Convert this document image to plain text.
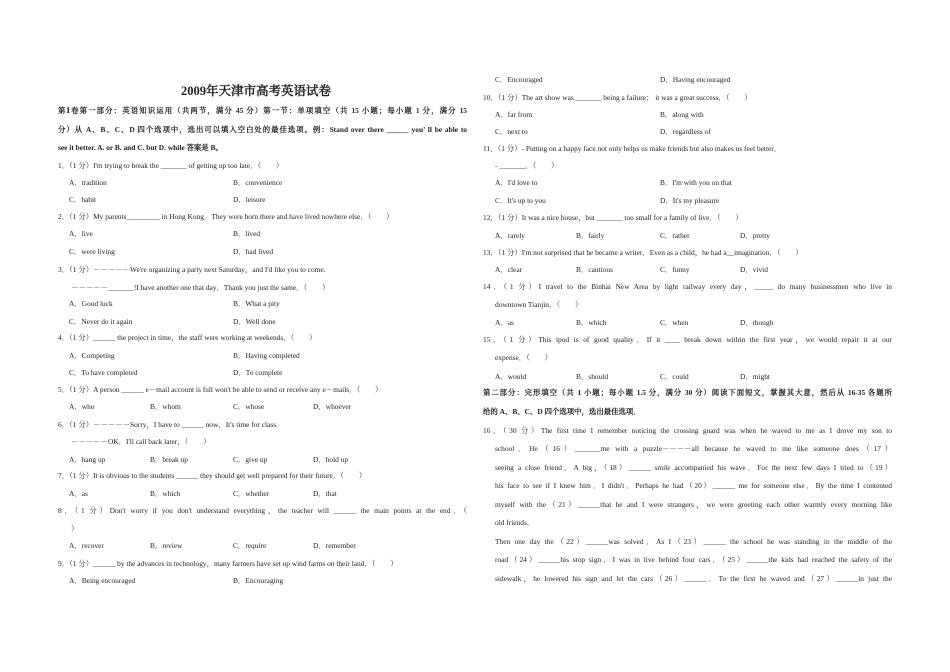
2009年天津市高考英语试卷
第Ⅰ卷第一部分：英语知识运用（共两节，满分 45 分）第一节：单项填空（共 15 小题；每小题 1 分，满分 15
分）从 A、B、C、D 四个选项中，选出可以填入空白处的最佳选项。例：Stand over there ______ you’ ll be able to
see it better. A. or B. and C. but D. while 答案是 B。
1．（1 分）I'm trying to break the _______ of getting up too late．（　　）
A．tradition	B．convenience
C．habit	D．leisure
2．（1 分）My parents_________ in Hong Kong．They were born there and have lived nowhere else．（　　）
A．live	B．lived
C．were living	D．had lived
3．（1 分）－－－－－We're organizing a party next Saturday，and I'd like you to come.
－－－－－_______!I have another one that day．Thank you just the same．（　　）
A．Good luck	B．What a pity
C．Never do it again	D．Well done
4．（1 分）______ the project in time，the staff were working at weekends．（　　）
A．Competing	B．Having completed
C．To have completed	D．To complete
5．（1 分）A person ______ e－mail account is full won't be able to send or receive any e－mails．（　　）
A．who	B．whom	C．whose	D．whoever
6．（1 分）－－－－－Sorry，I have to ______ now．It's time for class.
－－－－－OK．I'll call back later．（　　）
A．hang up	B．break up	C．give up	D．hold up
7．（1 分）It is obvious to the students ______ they should get well prepared for their future．（　　）
A．as	B．which	C．whether	D．that
8．（1 分）Don't worry if you don't understand everything，the teacher will ______ the main points at the end．（
）
A．recover	B．review	C．require	D．remember
9．（1 分）______ by the advances in technology，many farmers have set up wind farms on their land．（　　）
A．Being encouraged	B．Encouraging
C．Encouraged	D．Having encouraged
10．（1 分）The art show was _______ being a failure； it was a great success．（　　）
A．far from	B．along with
C．next to	D．regardless of
11．（1 分）- Putting on a happy face not only helps us make friends but also makes us feel better．
- _______．（　　）
A．I'd love to	B．I'm with you on that
C．It's up to you	D．It's my pleasure
12．（1 分）It was a nice house，but _______ too small for a family of live．（　　）
A．rarely	B．fairly	C．rather	D．pretty
13．（1 分）I'm not surprised that he became a writer．Even as a child，he had a__imagination．（　　）
A．clear	B．cautious	C．funny	D．vivid
14．（1 分）I travel to the Binhai New Area by light railway every day，_____ do many businessmen who live in
downtown Tianjin．（　　）
A．as	B．which	C．when	D．though
15．（1 分）This ipod is of good quality．If it ____ break down within the first year，we would repair it at our
expense．（　　）
A．would	B．should	C．could	D．might
第二部分：完形填空（共 1 小题；每小题 1.5 分，满分 30 分）阅读下面短文，掌握其大意，然后从 16-35 各题所
给的 A、B、C、D 四个选项中，选出最佳选项．
16．（30 分）The first time I remember noticing the crossing guard was when he waved to me as I drove my son to
school．He（16）_______me with a puzzle－－－－all because he waved to me like someone does（17）
seeing a close friend．A big，（18）______ smile accompanied his wave．For the next few days I tried to（19）
his face to see if I knew him．I didn't．Perhaps he had（20）______ me for someone else．By the time I contented
myself with the（21）______that he and I were strangers，we were greeting each other warmly every morning like
old friends．
Then one day the（22）______was solved．As I（23）______ the school he was standing in the middle of the
road（24）______his stop sign．I was in live behind four cars．（25）______the kids had reached the safety of the
sidewalk，he lowered his sign and let the cars（26）______．To the first he waved and（27）______in just the
